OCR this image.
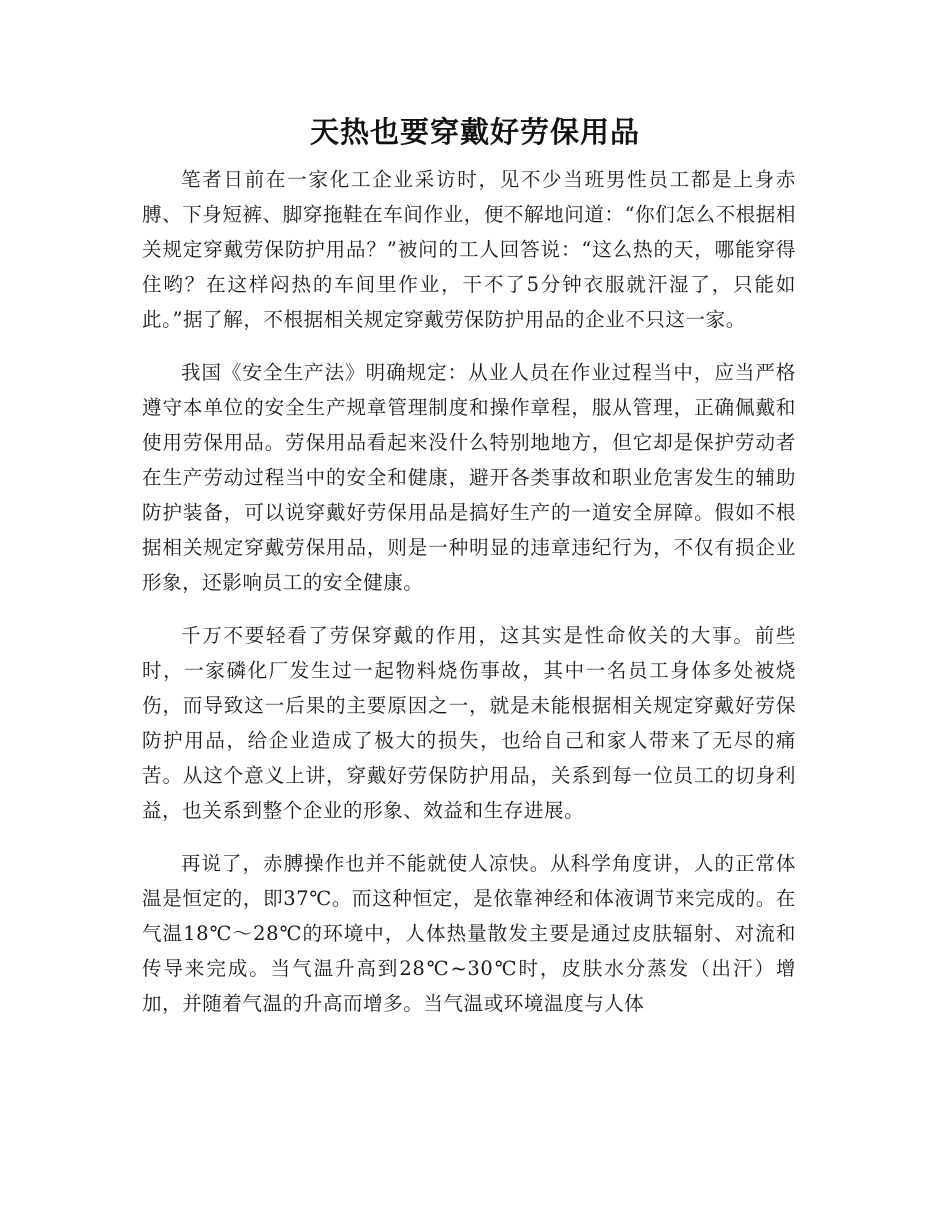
天热也要穿戴好劳保用品

笔者日前在一家化工企业采访时，见不少当班男性员工都是上身赤膊、下身短裤、脚穿拖鞋在车间作业，便不解地问道：“你们怎么不根据相关规定穿戴劳保防护用品？”被问的工人回答说：“这么热的天，哪能穿得住哟？在这样闷热的车间里作业，干不了5分钟衣服就汗湿了，只能如此。”据了解，不根据相关规定穿戴劳保防护用品的企业不只这一家。

我国《安全生产法》明确规定：从业人员在作业过程当中，应当严格遵守本单位的安全生产规章管理制度和操作章程，服从管理，正确佩戴和使用劳保用品。劳保用品看起来没什么特别地地方，但它却是保护劳动者在生产劳动过程当中的安全和健康，避开各类事故和职业危害发生的辅助防护装备，可以说穿戴好劳保用品是搞好生产的一道安全屏障。假如不根据相关规定穿戴劳保用品，则是一种明显的违章违纪行为，不仅有损企业形象，还影响员工的安全健康。

千万不要轻看了劳保穿戴的作用，这其实是性命攸关的大事。前些时，一家磷化厂发生过一起物料烧伤事故，其中一名员工身体多处被烧伤，而导致这一后果的主要原因之一，就是未能根据相关规定穿戴好劳保防护用品，给企业造成了极大的损失，也给自己和家人带来了无尽的痛苦。从这个意义上讲，穿戴好劳保防护用品，关系到每一位员工的切身利益，也关系到整个企业的形象、效益和生存进展。

再说了，赤膊操作也并不能就使人凉快。从科学角度讲，人的正常体温是恒定的，即37℃。而这种恒定，是依靠神经和体液调节来完成的。在气温18℃～28℃的环境中，人体热量散发主要是通过皮肤辐射、对流和传导来完成。当气温升高到28℃~30℃时，皮肤水分蒸发（出汗）增加，并随着气温的升高而增多。当气温或环境温度与人体
